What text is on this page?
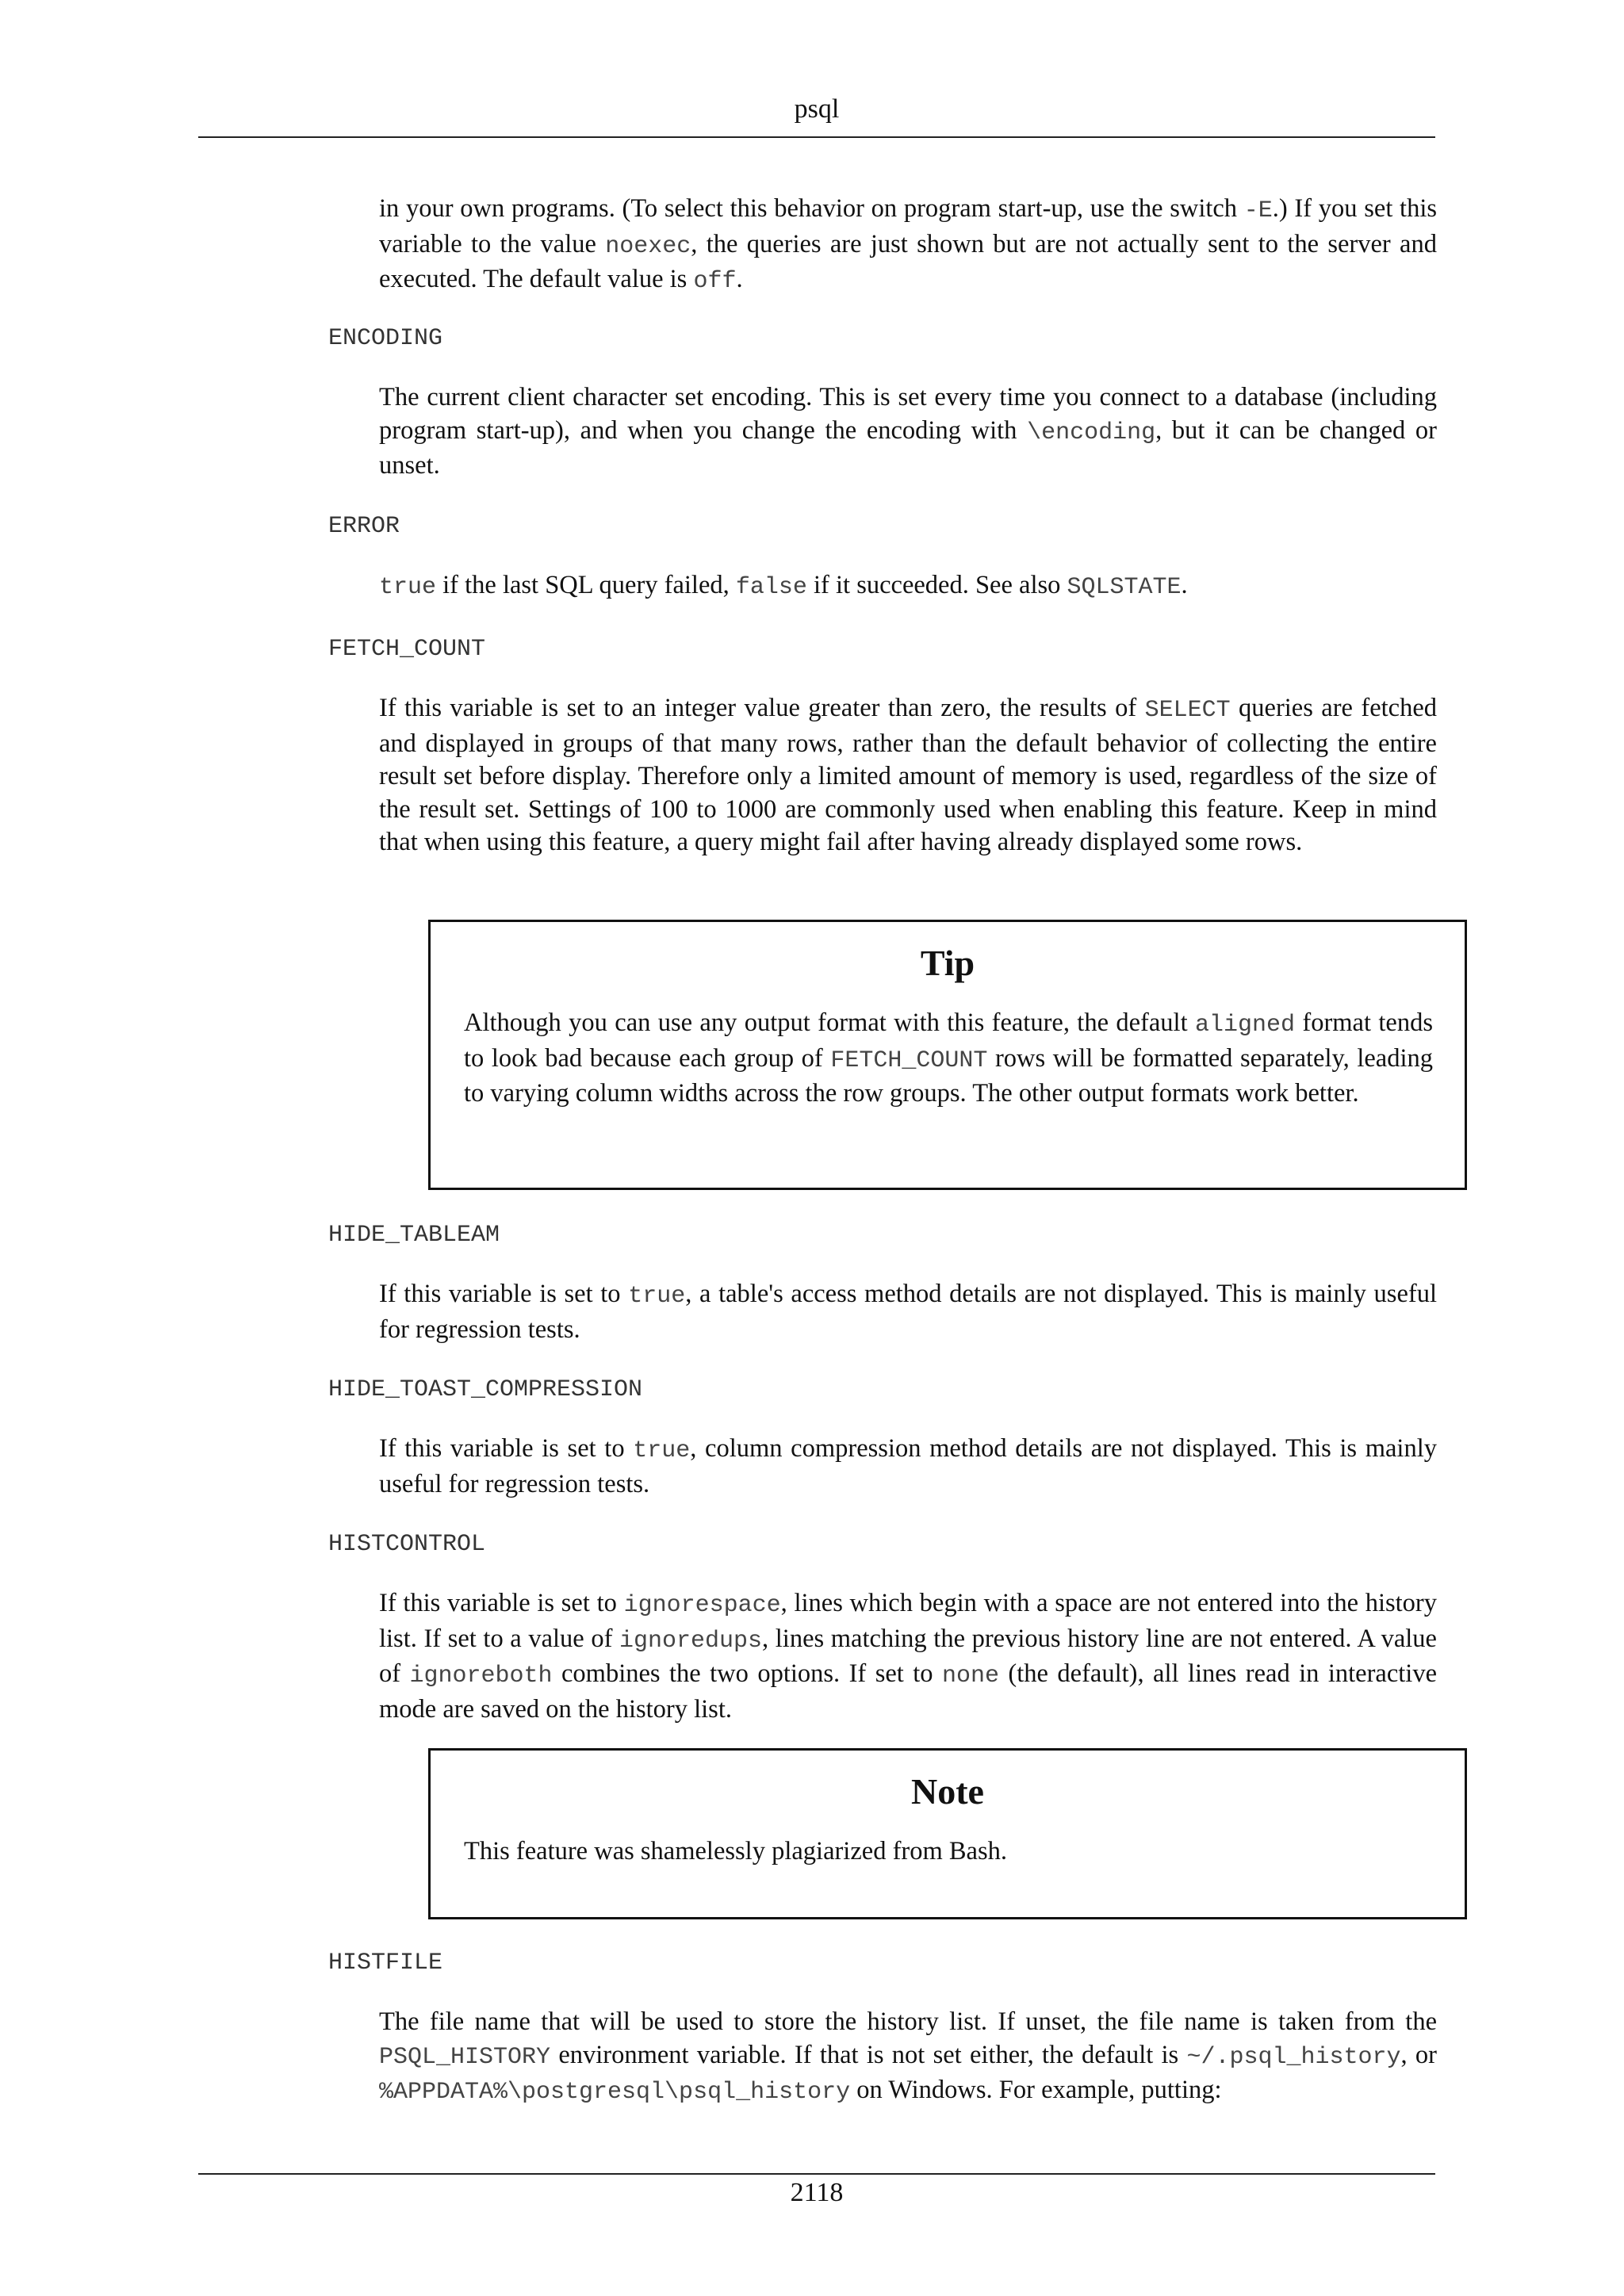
psql

in your own programs. (To select this behavior on program start-up, use the switch -E.) If you set this variable to the value noexec, the queries are just shown but are not actually sent to the server and executed. The default value is off.

ENCODING

The current client character set encoding. This is set every time you connect to a database (including program start-up), and when you change the encoding with \encoding, but it can be changed or unset.

ERROR

true if the last SQL query failed, false if it succeeded. See also SQLSTATE.

FETCH_COUNT

If this variable is set to an integer value greater than zero, the results of SELECT queries are fetched and displayed in groups of that many rows, rather than the default behavior of collecting the entire result set before display. Therefore only a limited amount of memory is used, regardless of the size of the result set. Settings of 100 to 1000 are commonly used when enabling this feature. Keep in mind that when using this feature, a query might fail after having already displayed some rows.

Tip

Although you can use any output format with this feature, the default aligned format tends to look bad because each group of FETCH_COUNT rows will be formatted separately, leading to varying column widths across the row groups. The other output formats work better.

HIDE_TABLEAM

If this variable is set to true, a table's access method details are not displayed. This is mainly useful for regression tests.

HIDE_TOAST_COMPRESSION

If this variable is set to true, column compression method details are not displayed. This is mainly useful for regression tests.

HISTCONTROL

If this variable is set to ignorespace, lines which begin with a space are not entered into the history list. If set to a value of ignoredups, lines matching the previous history line are not entered. A value of ignoreboth combines the two options. If set to none (the default), all lines read in interactive mode are saved on the history list.

Note

This feature was shamelessly plagiarized from Bash.

HISTFILE

The file name that will be used to store the history list. If unset, the file name is taken from the PSQL_HISTORY environment variable. If that is not set either, the default is ~/.psql_history, or %APPDATA%\postgresql\psql_history on Windows. For example, putting:

2118
